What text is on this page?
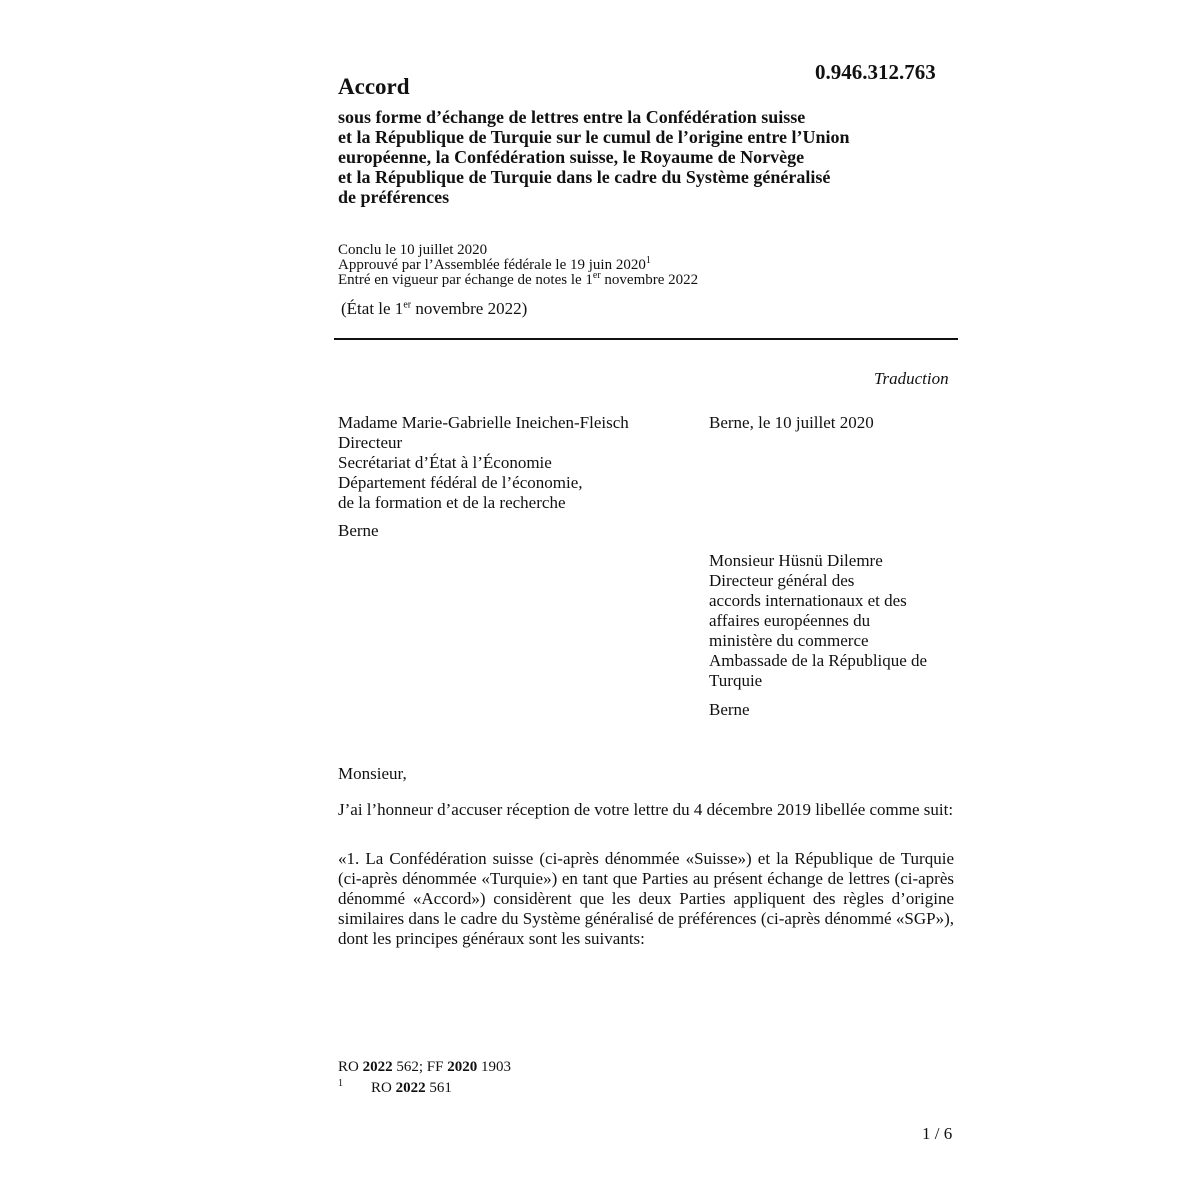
0.946.312.763
Accord
sous forme d’échange de lettres entre la Confédération suisse
et la République de Turquie sur le cumul de l’origine entre l’Union
européenne, la Confédération suisse, le Royaume de Norvège
et la République de Turquie dans le cadre du Système généralisé
de préférences
Conclu le 10 juillet 2020
Approuvé par l’Assemblée fédérale le 19 juin 2020$^1$
Entré en vigueur par échange de notes le 1er novembre 2022
(État le 1er novembre 2022)
Traduction
Madame Marie-Gabrielle Ineichen-Fleisch
Directeur
Secrétariat d’État à l’Économie
Département fédéral de l’économie,
de la formation et de la recherche
Berne
Berne, le 10 juillet 2020
Monsieur Hüsnü Dilemre
Directeur général des
accords internationaux et des
affaires européennes du
ministère du commerce
Ambassade de la République de
Turquie
Berne
Monsieur,
J’ai l’honneur d’accuser réception de votre lettre du 4 décembre 2019 libellée comme suit:
«1. La Confédération suisse (ci-après dénommée «Suisse») et la République de Turquie (ci-après dénommée «Turquie») en tant que Parties au présent échange de lettres (ci-après dénommé «Accord») considèrent que les deux Parties appliquent des règles d’origine similaires dans le cadre du Système généralisé de préférences (ci-après dénommé «SGP»), dont les principes généraux sont les suivants:
RO 2022 562; FF 2020 1903
$^1$ RO 2022 561
1 / 6
